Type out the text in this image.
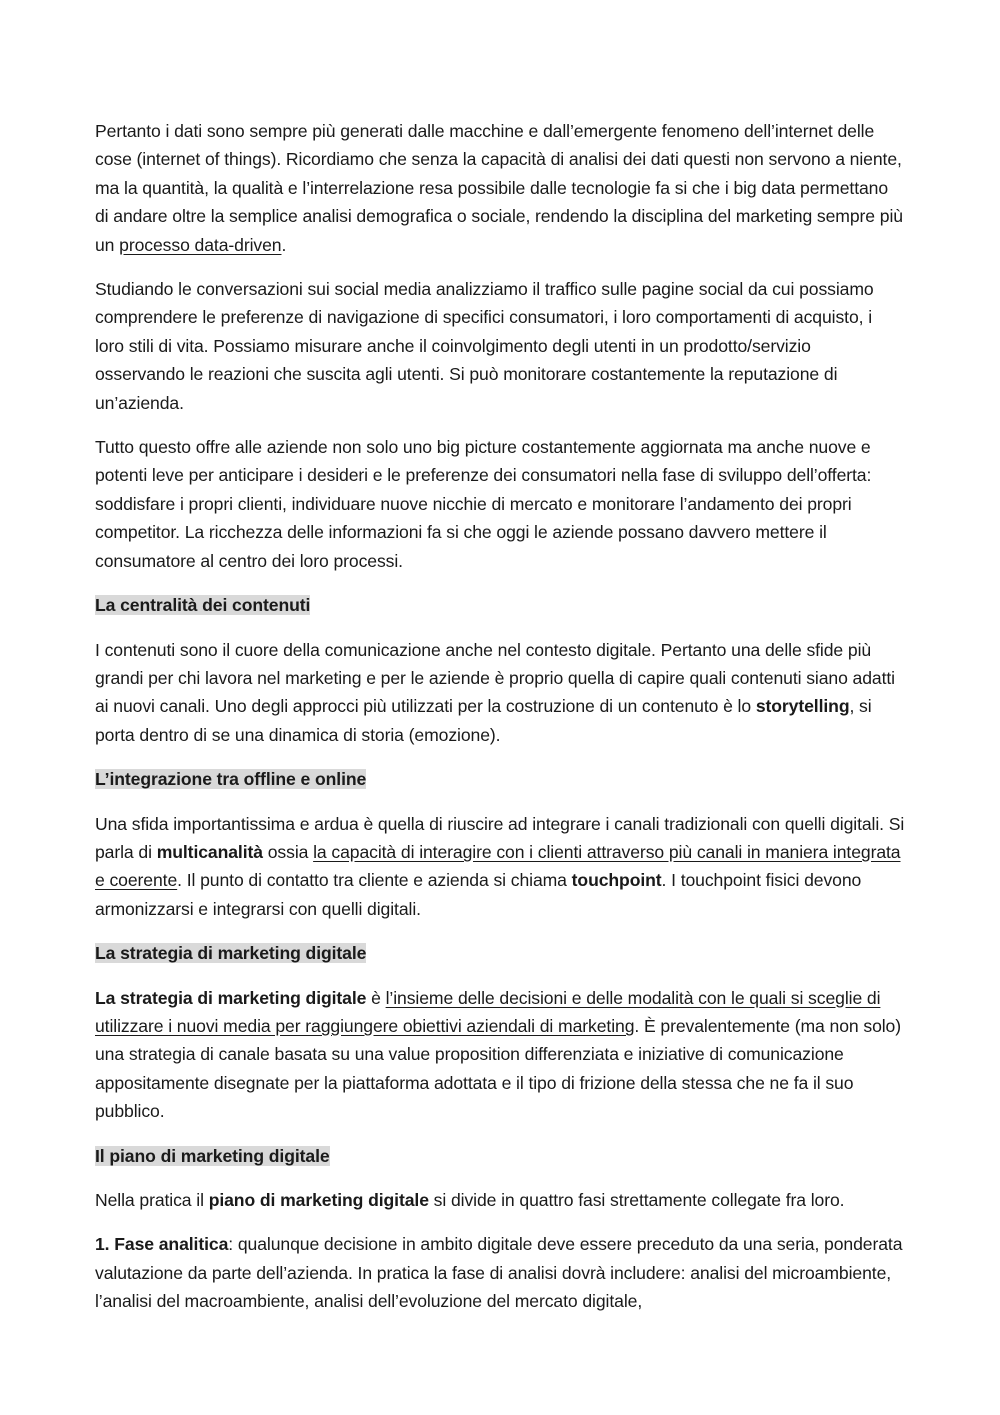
Pertanto i dati sono sempre più generati dalle macchine e dall’emergente fenomeno dell’internet delle cose (internet of things). Ricordiamo che senza la capacità di analisi dei dati questi non servono a niente, ma la quantità, la qualità e l’interrelazione resa possibile dalle tecnologie fa si che i big data permettano di andare oltre la semplice analisi demografica o sociale, rendendo la disciplina del marketing sempre più un processo data-driven.

Studiando le conversazioni sui social media analizziamo il traffico sulle pagine social da cui possiamo comprendere le preferenze di navigazione di specifici consumatori, i loro comportamenti di acquisto, i loro stili di vita. Possiamo misurare anche il coinvolgimento degli utenti in un prodotto/servizio osservando le reazioni che suscita agli utenti. Si può monitorare costantemente la reputazione di un’azienda.

Tutto questo offre alle aziende non solo uno big picture costantemente aggiornata ma anche nuove e potenti leve per anticipare i desideri e le preferenze dei consumatori nella fase di sviluppo dell’offerta: soddisfare i propri clienti, individuare nuove nicchie di mercato e monitorare l’andamento dei propri competitor. La ricchezza delle informazioni fa si che oggi le aziende possano davvero mettere il consumatore al centro dei loro processi.

La centralità dei contenuti

I contenuti sono il cuore della comunicazione anche nel contesto digitale. Pertanto una delle sfide più grandi per chi lavora nel marketing e per le aziende è proprio quella di capire quali contenuti siano adatti ai nuovi canali. Uno degli approcci più utilizzati per la costruzione di un contenuto è lo storytelling, si porta dentro di se una dinamica di storia (emozione).

L’integrazione tra offline e online

Una sfida importantissima e ardua è quella di riuscire ad integrare i canali tradizionali con quelli digitali. Si parla di multicanalità ossia la capacità di interagire con i clienti attraverso più canali in maniera integrata e coerente. Il punto di contatto tra cliente e azienda si chiama touchpoint. I touchpoint fisici devono armonizzarsi e integrarsi con quelli digitali.

La strategia di marketing digitale

La strategia di marketing digitale è l’insieme delle decisioni e delle modalità con le quali si sceglie di utilizzare i nuovi media per raggiungere obiettivi aziendali di marketing. È prevalentemente (ma non solo) una strategia di canale basata su una value proposition differenziata e iniziative di comunicazione appositamente disegnate per la piattaforma adottata e il tipo di frizione della stessa che ne fa il suo pubblico.

Il piano di marketing digitale

Nella pratica il piano di marketing digitale si divide in quattro fasi strettamente collegate fra loro.

1. Fase analitica: qualunque decisione in ambito digitale deve essere preceduto da una seria, ponderata valutazione da parte dell’azienda. In pratica la fase di analisi dovrà includere: analisi del microambiente, l’analisi del macroambiente, analisi dell’evoluzione del mercato digitale,
